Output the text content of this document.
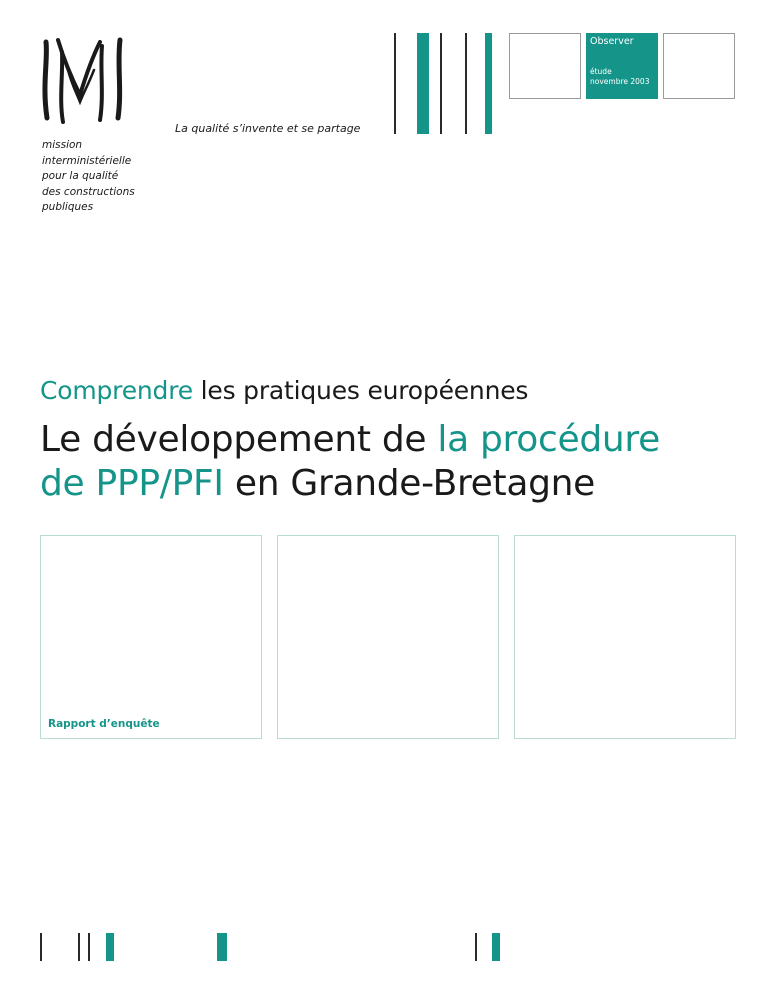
mission
interministérielle
pour la qualité
des constructions
publiques
La qualité s’invente et se partage
Observer
étude
novembre 2003
Comprendre les pratiques européennes
Le développement de la procédure
de PPP/PFI en Grande-Bretagne
Rapport d’enquête
